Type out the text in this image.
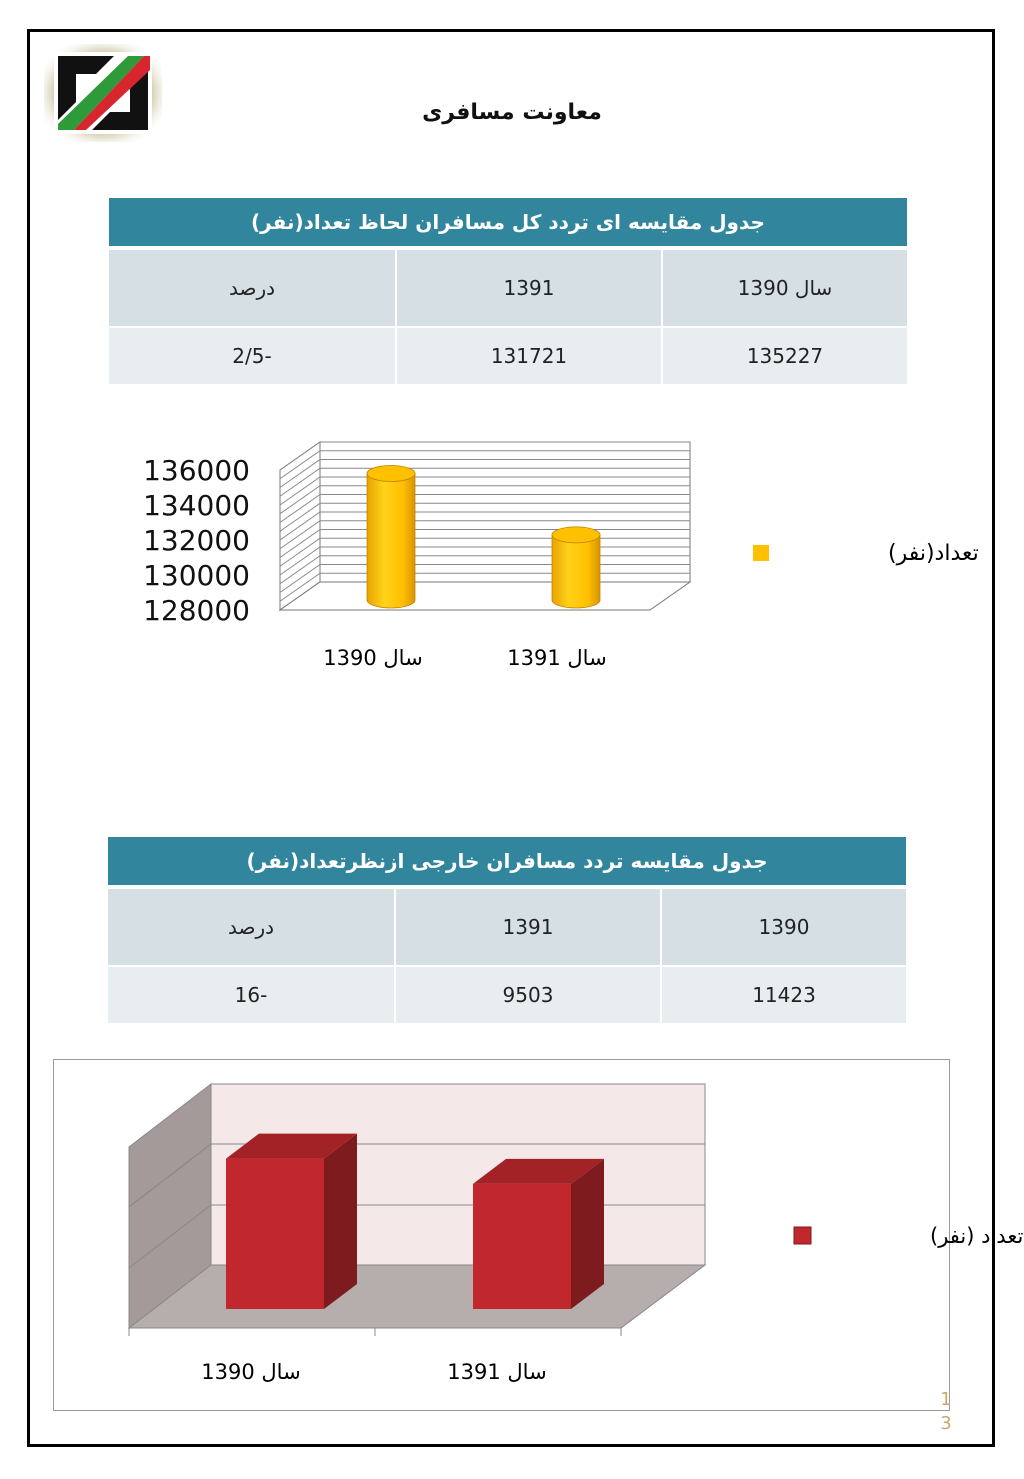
معاونت مسافری
جدول مقایسه ای تردد کل مسافران لحاظ تعداد(نفر)		
سال 1390	1391	درصد
135227	131721	-2/5
136000
134000
132000
130000
128000
سال 1390	سال 1391
تعداد(نفر)
جدول مقایسه تردد مسافران خارجی ازنظرتعداد(نفر)		
1390	1391	درصد
11423	9503	-16
سال 1390	سال 1391
تعداد (نفر)
1
3
